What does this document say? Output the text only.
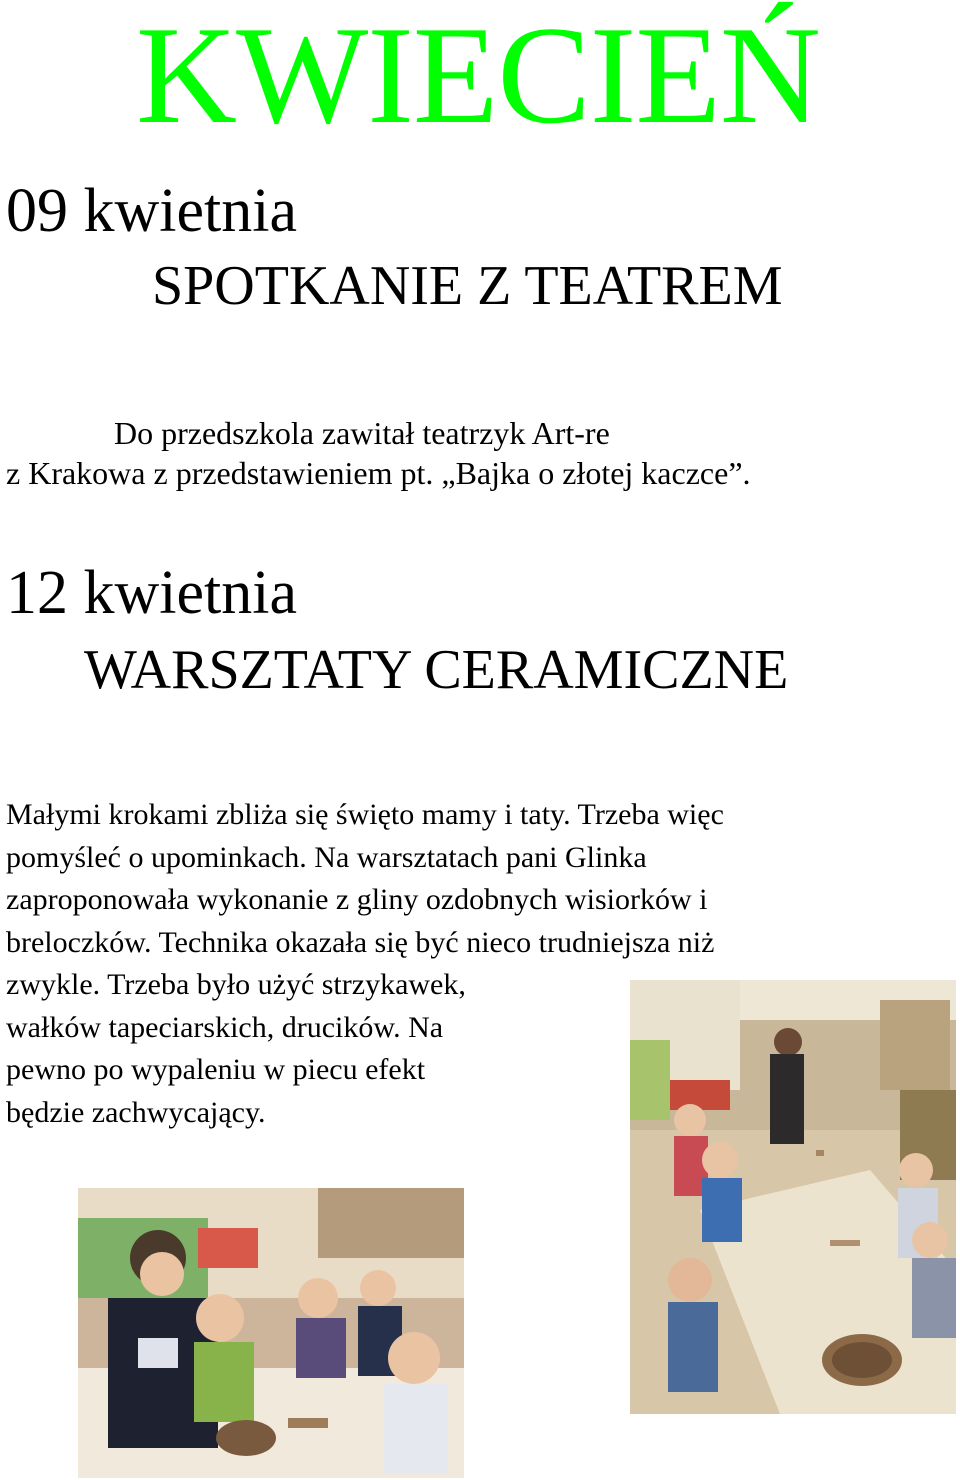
KWIECIEŃ
09 kwietnia
SPOTKANIE Z TEATREM
Do przedszkola zawitał teatrzyk Art-re
z Krakowa z przedstawieniem pt. „Bajka o złotej kaczce”.
12 kwietnia
WARSZTATY CERAMICZNE
Małymi krokami zbliża się święto mamy i taty. Trzeba więc
pomyśleć o upominkach. Na warsztatach pani Glinka
zaproponowała wykonanie z gliny ozdobnych wisiorków i
breloczków. Technika okazała się być nieco trudniejsza niż
zwykle. Trzeba było użyć strzykawek,
wałków tapeciarskich, drucików. Na
pewno po wypaleniu w piecu efekt
będzie zachwycający.
